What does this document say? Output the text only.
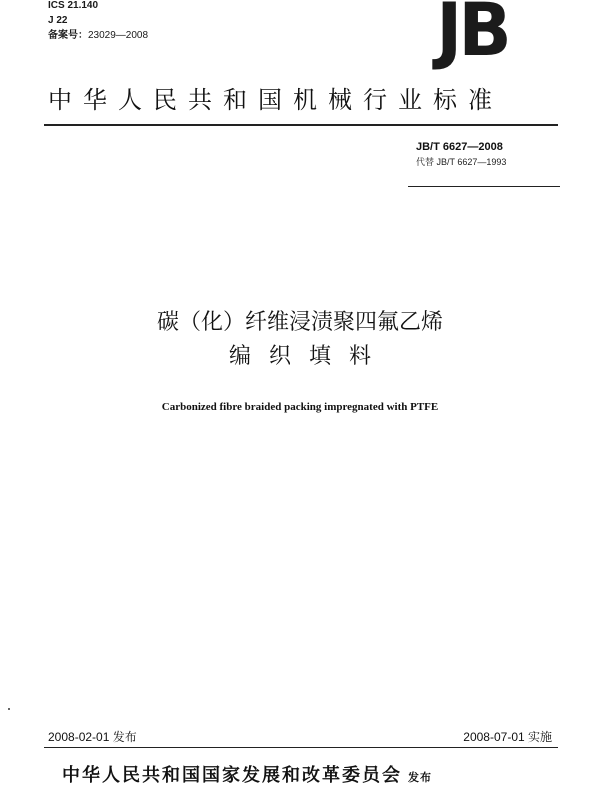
ICS 21.140
J 22
备案号：23029—2008	JB
中华人民共和国机械行业标准
JB/T 6627—2008
代替 JB/T 6627—1993
碳（化）纤维浸渍聚四氟乙烯
编织填料
Carbonized fibre braided packing impregnated with PTFE
2008-02-01 发布	2008-07-01 实施
中华人民共和国国家发展和改革委员会 发布
